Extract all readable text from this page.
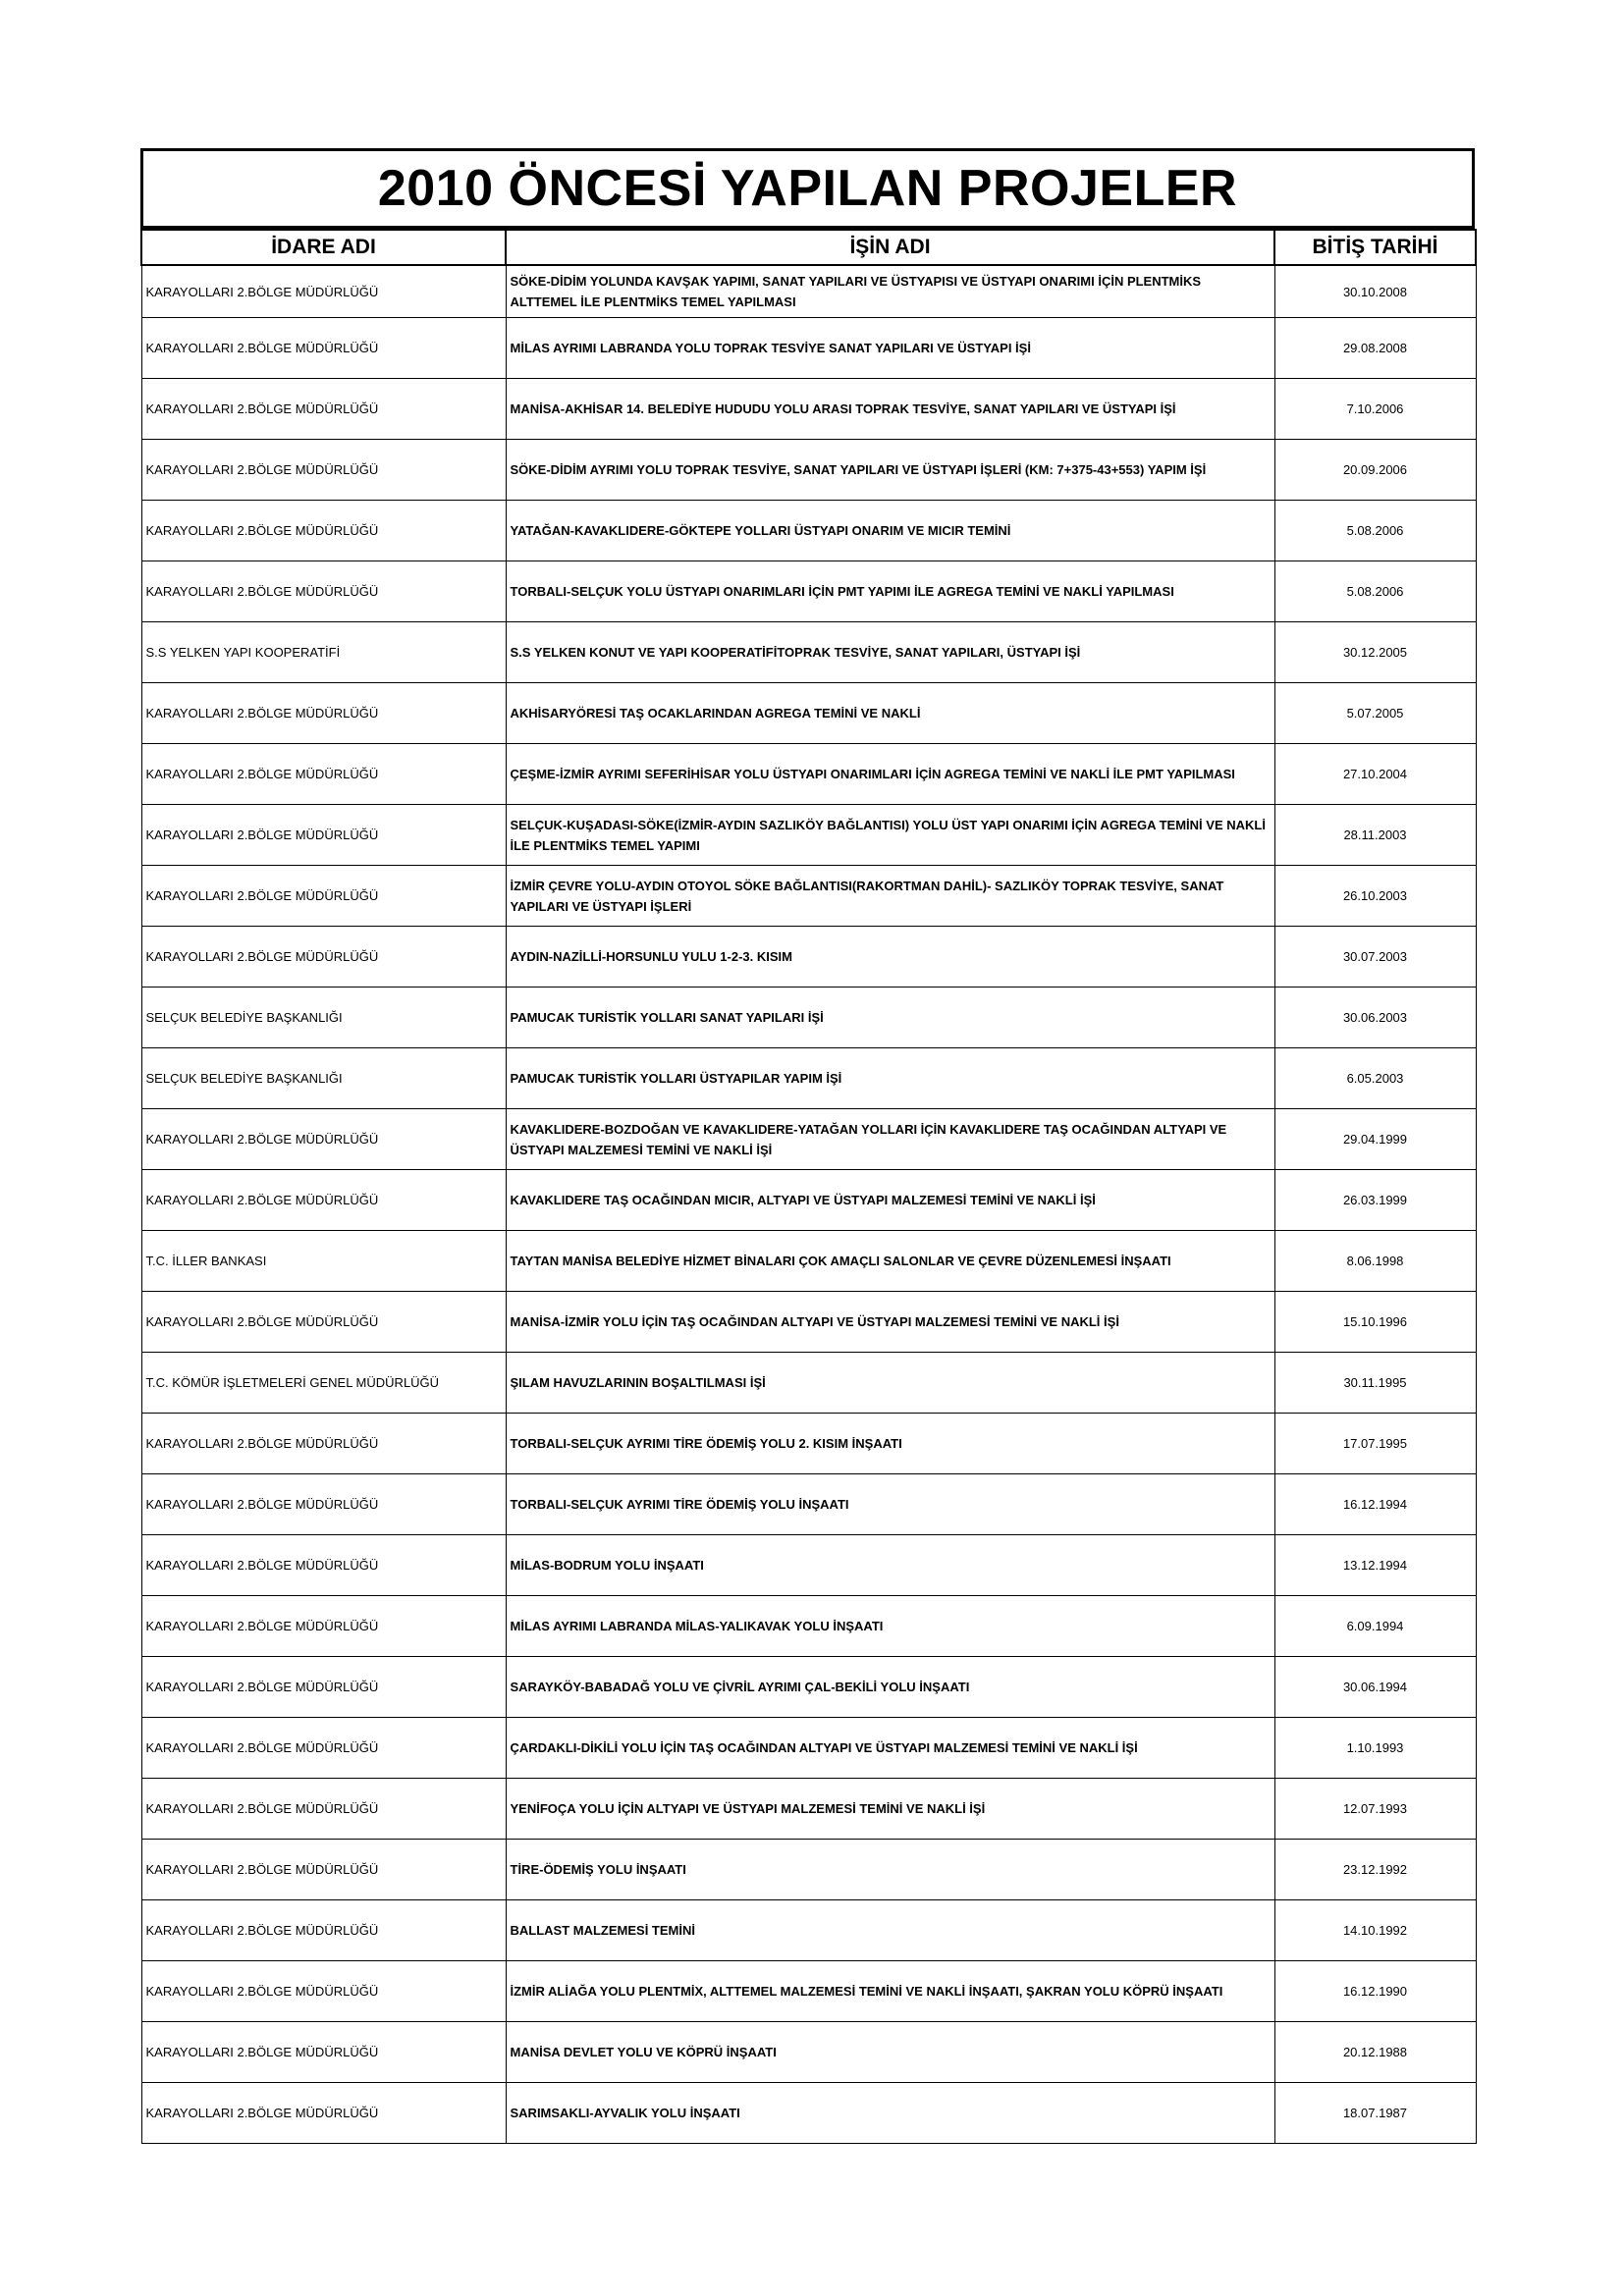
2010 ÖNCESİ YAPILAN PROJELER
İDARE ADI	İŞİN ADI	BİTİŞ TARİHİ
KARAYOLLARI 2.BÖLGE MÜDÜRLÜĞÜ	SÖKE-DİDİM YOLUNDA KAVŞAK YAPIMI, SANAT YAPILARI VE ÜSTYAPISI VE ÜSTYAPI ONARIMI İÇİN PLENTMİKS ALTTEMEL İLE PLENTMİKS TEMEL YAPILMASI	30.10.2008
KARAYOLLARI 2.BÖLGE MÜDÜRLÜĞÜ	MİLAS AYRIMI LABRANDA YOLU TOPRAK TESVİYE SANAT YAPILARI VE ÜSTYAPI İŞİ	29.08.2008
KARAYOLLARI 2.BÖLGE MÜDÜRLÜĞÜ	MANİSA-AKHİSAR 14. BELEDİYE HUDUDU YOLU ARASI TOPRAK TESVİYE, SANAT YAPILARI VE ÜSTYAPI İŞİ	7.10.2006
KARAYOLLARI 2.BÖLGE MÜDÜRLÜĞÜ	SÖKE-DİDİM AYRIMI YOLU TOPRAK TESVİYE, SANAT YAPILARI VE ÜSTYAPI İŞLERİ (KM: 7+375-43+553) YAPIM İŞİ	20.09.2006
KARAYOLLARI 2.BÖLGE MÜDÜRLÜĞÜ	YATAĞAN-KAVAKLIDERE-GÖKTEPE YOLLARI ÜSTYAPI ONARIM VE MICIR TEMİNİ	5.08.2006
KARAYOLLARI 2.BÖLGE MÜDÜRLÜĞÜ	TORBALI-SELÇUK YOLU ÜSTYAPI ONARIMLARI İÇİN PMT YAPIMI İLE AGREGA TEMİNİ VE NAKLİ YAPILMASI	5.08.2006
S.S YELKEN YAPI KOOPERATİFİ	S.S YELKEN KONUT VE YAPI KOOPERATİFİTOPRAK TESVİYE, SANAT YAPILARI, ÜSTYAPI İŞİ	30.12.2005
KARAYOLLARI 2.BÖLGE MÜDÜRLÜĞÜ	AKHİSARYÖRESİ TAŞ OCAKLARINDAN AGREGA TEMİNİ VE NAKLİ	5.07.2005
KARAYOLLARI 2.BÖLGE MÜDÜRLÜĞÜ	ÇEŞME-İZMİR AYRIMI SEFERİHİSAR YOLU ÜSTYAPI ONARIMLARI İÇİN AGREGA TEMİNİ VE NAKLİ İLE PMT YAPILMASI	27.10.2004
KARAYOLLARI 2.BÖLGE MÜDÜRLÜĞÜ	SELÇUK-KUŞADASI-SÖKE(İZMİR-AYDIN SAZLIKÖY BAĞLANTISI) YOLU ÜST YAPI ONARIMI İÇİN AGREGA TEMİNİ VE NAKLİ İLE PLENTMİKS TEMEL YAPIMI	28.11.2003
KARAYOLLARI 2.BÖLGE MÜDÜRLÜĞÜ	İZMİR ÇEVRE YOLU-AYDIN OTOYOL SÖKE BAĞLANTISI(RAKORTMAN DAHİL)- SAZLIKÖY TOPRAK TESVİYE, SANAT YAPILARI VE ÜSTYAPI İŞLERİ	26.10.2003
KARAYOLLARI 2.BÖLGE MÜDÜRLÜĞÜ	AYDIN-NAZİLLİ-HORSUNLU YULU 1-2-3. KISIM	30.07.2003
SELÇUK BELEDİYE BAŞKANLIĞI	PAMUCAK TURİSTİK YOLLARI SANAT YAPILARI İŞİ	30.06.2003
SELÇUK BELEDİYE BAŞKANLIĞI	PAMUCAK TURİSTİK YOLLARI ÜSTYAPILAR YAPIM İŞİ	6.05.2003
KARAYOLLARI 2.BÖLGE MÜDÜRLÜĞÜ	KAVAKLIDERE-BOZDOĞAN VE KAVAKLIDERE-YATAĞAN YOLLARI İÇİN KAVAKLIDERE TAŞ OCAĞINDAN ALTYAPI VE ÜSTYAPI MALZEMESİ TEMİNİ VE NAKLİ İŞİ	29.04.1999
KARAYOLLARI 2.BÖLGE MÜDÜRLÜĞÜ	KAVAKLIDERE TAŞ OCAĞINDAN MICIR, ALTYAPI VE ÜSTYAPI MALZEMESİ TEMİNİ VE NAKLİ İŞİ	26.03.1999
T.C. İLLER BANKASI	TAYTAN MANİSA BELEDİYE HİZMET BİNALARI ÇOK AMAÇLI SALONLAR VE ÇEVRE DÜZENLEMESİ İNŞAATI	8.06.1998
KARAYOLLARI 2.BÖLGE MÜDÜRLÜĞÜ	MANİSA-İZMİR YOLU İÇİN TAŞ OCAĞINDAN ALTYAPI VE ÜSTYAPI MALZEMESİ TEMİNİ VE NAKLİ İŞİ	15.10.1996
T.C. KÖMÜR İŞLETMELERİ GENEL MÜDÜRLÜĞÜ	ŞILAM HAVUZLARININ BOŞALTILMASI İŞİ	30.11.1995
KARAYOLLARI 2.BÖLGE MÜDÜRLÜĞÜ	TORBALI-SELÇUK AYRIMI TİRE ÖDEMİŞ YOLU 2. KISIM İNŞAATI	17.07.1995
KARAYOLLARI 2.BÖLGE MÜDÜRLÜĞÜ	TORBALI-SELÇUK AYRIMI TİRE ÖDEMİŞ YOLU İNŞAATI	16.12.1994
KARAYOLLARI 2.BÖLGE MÜDÜRLÜĞÜ	MİLAS-BODRUM YOLU İNŞAATI	13.12.1994
KARAYOLLARI 2.BÖLGE MÜDÜRLÜĞÜ	MİLAS AYRIMI LABRANDA MİLAS-YALIKAVAK YOLU İNŞAATI	6.09.1994
KARAYOLLARI 2.BÖLGE MÜDÜRLÜĞÜ	SARAYKÖY-BABADAĞ YOLU VE ÇİVRİL AYRIMI ÇAL-BEKİLİ YOLU İNŞAATI	30.06.1994
KARAYOLLARI 2.BÖLGE MÜDÜRLÜĞÜ	ÇARDAKLI-DİKİLİ YOLU İÇİN TAŞ OCAĞINDAN ALTYAPI VE ÜSTYAPI MALZEMESİ TEMİNİ VE NAKLİ İŞİ	1.10.1993
KARAYOLLARI 2.BÖLGE MÜDÜRLÜĞÜ	YENİFOÇA YOLU İÇİN ALTYAPI VE ÜSTYAPI MALZEMESİ TEMİNİ VE NAKLİ İŞİ	12.07.1993
KARAYOLLARI 2.BÖLGE MÜDÜRLÜĞÜ	TİRE-ÖDEMİŞ YOLU İNŞAATI	23.12.1992
KARAYOLLARI 2.BÖLGE MÜDÜRLÜĞÜ	BALLAST MALZEMESİ TEMİNİ	14.10.1992
KARAYOLLARI 2.BÖLGE MÜDÜRLÜĞÜ	İZMİR ALİAĞA YOLU PLENTMİX, ALTTEMEL MALZEMESİ TEMİNİ VE NAKLİ İNŞAATI, ŞAKRAN YOLU KÖPRÜ İNŞAATI	16.12.1990
KARAYOLLARI 2.BÖLGE MÜDÜRLÜĞÜ	MANİSA DEVLET YOLU VE KÖPRÜ İNŞAATI	20.12.1988
KARAYOLLARI 2.BÖLGE MÜDÜRLÜĞÜ	SARIMSAKLI-AYVALIK YOLU İNŞAATI	18.07.1987
